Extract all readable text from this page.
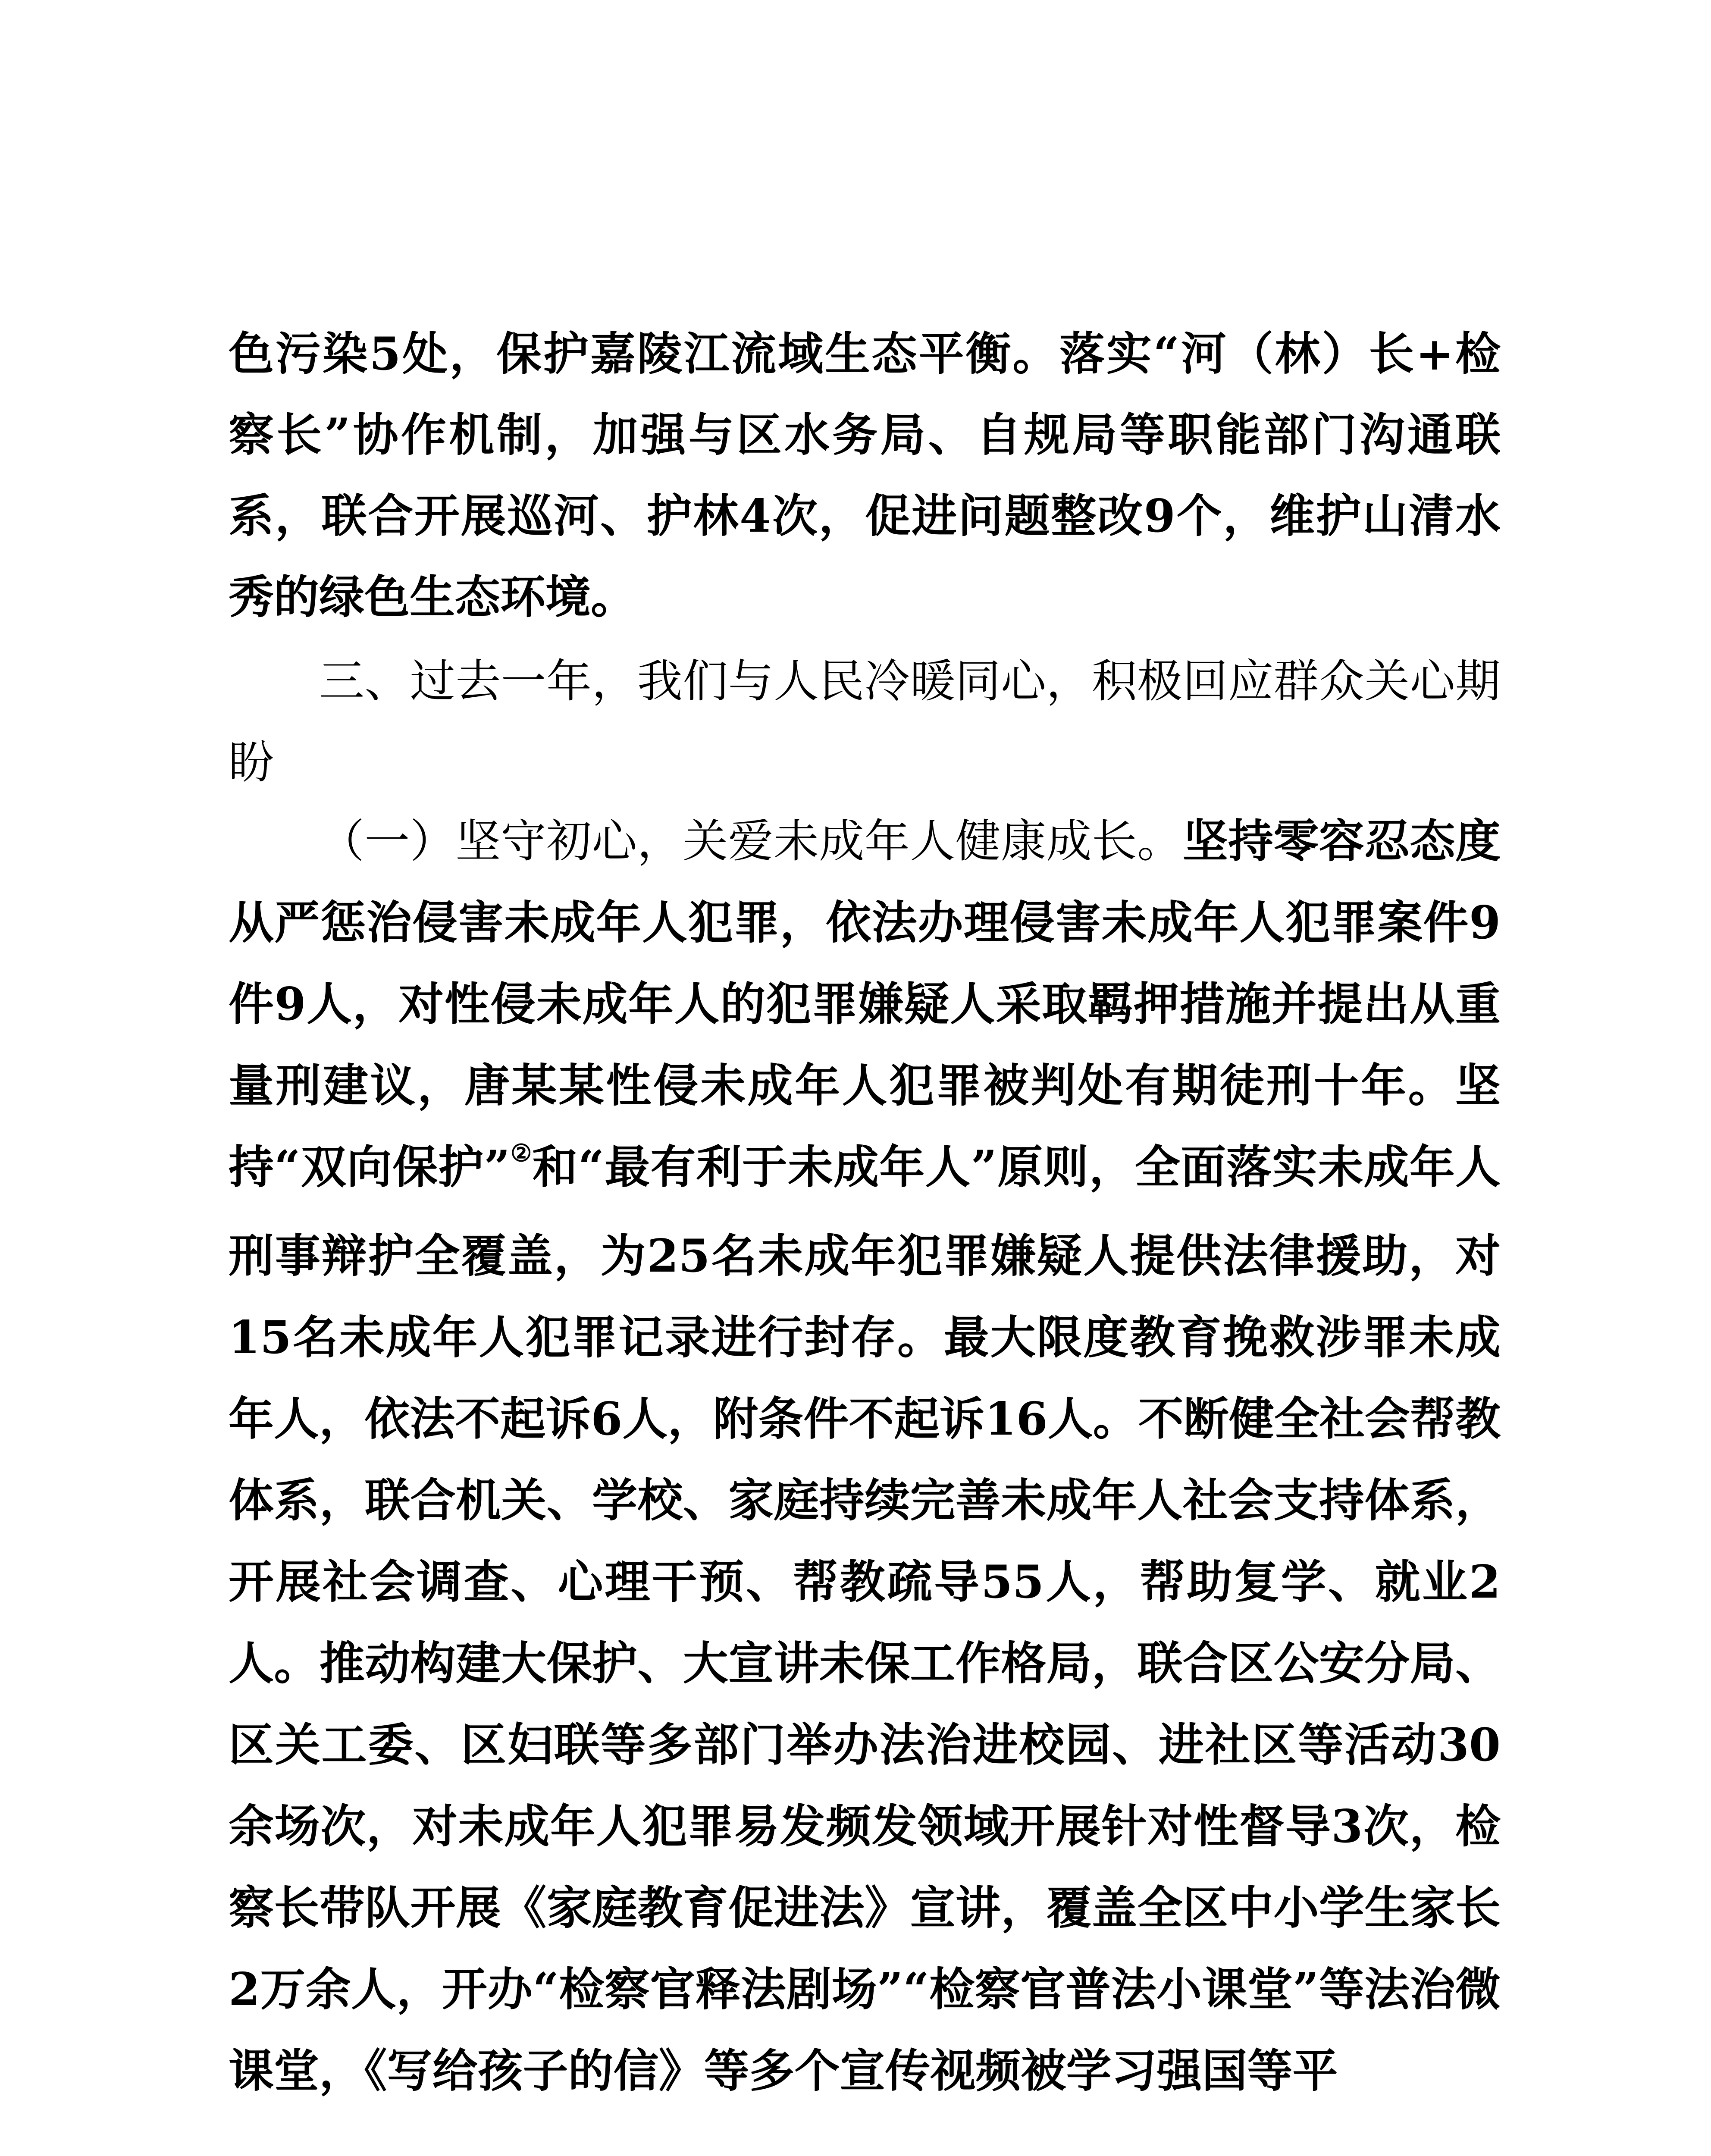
色污染5处，保护嘉陵江流域生态平衡。落实“河（林）长+检察长”协作机制，加强与区水务局、自规局等职能部门沟通联系，联合开展巡河、护林4次，促进问题整改9个，维护山清水秀的绿色生态环境。

三、过去一年，我们与人民冷暖同心，积极回应群众关心期盼

（一）坚守初心，关爱未成年人健康成长。坚持零容忍态度从严惩治侵害未成年人犯罪，依法办理侵害未成年人犯罪案件9件9人，对性侵未成年人的犯罪嫌疑人采取羁押措施并提出从重量刑建议，唐某某性侵未成年人犯罪被判处有期徒刑十年。坚持“双向保护”②和“最有利于未成年人”原则，全面落实未成年人刑事辩护全覆盖，为25名未成年犯罪嫌疑人提供法律援助，对15名未成年人犯罪记录进行封存。最大限度教育挽救涉罪未成年人，依法不起诉6人，附条件不起诉16人。不断健全社会帮教体系，联合机关、学校、家庭持续完善未成年人社会支持体系，开展社会调查、心理干预、帮教疏导55人，帮助复学、就业2人。推动构建大保护、大宣讲未保工作格局，联合区公安分局、区关工委、区妇联等多部门举办法治进校园、进社区等活动30余场次，对未成年人犯罪易发频发领域开展针对性督导3次，检察长带队开展《家庭教育促进法》宣讲，覆盖全区中小学生家长2万余人，开办“检察官释法剧场”“检察官普法小课堂”等法治微课堂，《写给孩子的信》等多个宣传视频被学习强国等平
